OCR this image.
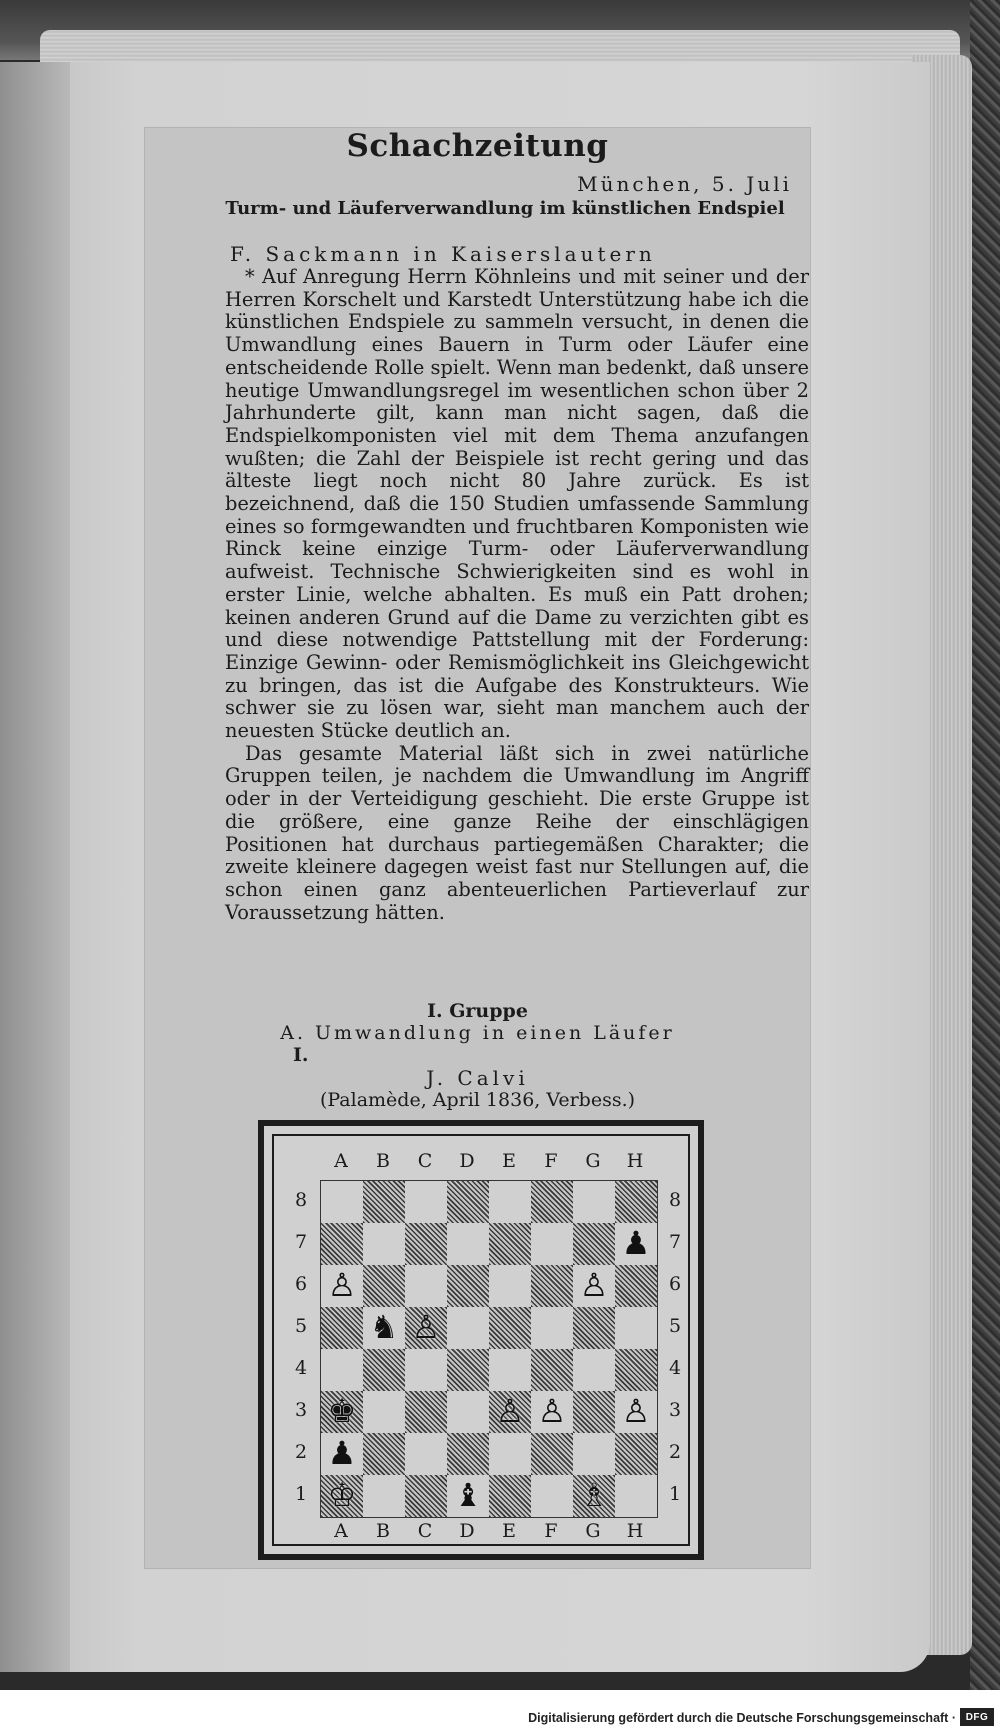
Schachzeitung
München, 5. Juli
Turm- und Läuferverwandlung im künstlichen Endspiel
F. Sackmann in Kaiserslautern

* Auf Anregung Herrn Köhnleins und mit seiner und der Herren Korschelt und Karstedt Unterstützung habe ich die künstlichen Endspiele zu sammeln versucht, in denen die Umwandlung eines Bauern in Turm oder Läufer eine entscheidende Rolle spielt. Wenn man bedenkt, daß unsere heutige Umwandlungsregel im wesentlichen schon über 2 Jahrhunderte gilt, kann man nicht sagen, daß die Endspielkomponisten viel mit dem Thema anzufangen wußten; die Zahl der Beispiele ist recht gering und das älteste liegt noch nicht 80 Jahre zurück. Es ist bezeichnend, daß die 150 Studien umfassende Sammlung eines so formgewandten und fruchtbaren Komponisten wie Rinck keine einzige Turm- oder Läuferverwandlung aufweist. Technische Schwierigkeiten sind es wohl in erster Linie, welche abhalten. Es muß ein Patt drohen; keinen anderen Grund auf die Dame zu verzichten gibt es und diese notwendige Pattstellung mit der Forderung: Einzige Gewinn- oder Remismöglichkeit ins Gleichgewicht zu bringen, das ist die Aufgabe des Konstrukteurs. Wie schwer sie zu lösen war, sieht man manchem auch der neuesten Stücke deutlich an.

Das gesamte Material läßt sich in zwei natürliche Gruppen teilen, je nachdem die Umwandlung im Angriff oder in der Verteidigung geschieht. Die erste Gruppe ist die größere, eine ganze Reihe der einschlägigen Positionen hat durchaus partiegemäßen Charakter; die zweite kleinere dagegen weist fast nur Stellungen auf, die schon einen ganz abenteuerlichen Partieverlauf zur Voraussetzung hätten.

I. Gruppe
A. Umwandlung in einen Läufer
I.
J. Calvi
(Palamède, April 1836, Verbess.)
♟
♙	♙
♞ ♙
♚	♙ ♙ ♙
♟
♔	♝	♗
A
A
B
B
C
C
D
D
E
E
F
F
G
G
H
H
8	8
7	7
6	6
5	5
4	4
3	3
2	2
1	1
Digitalisierung gefördert durch die Deutsche Forschungsgemeinschaft · DFG
